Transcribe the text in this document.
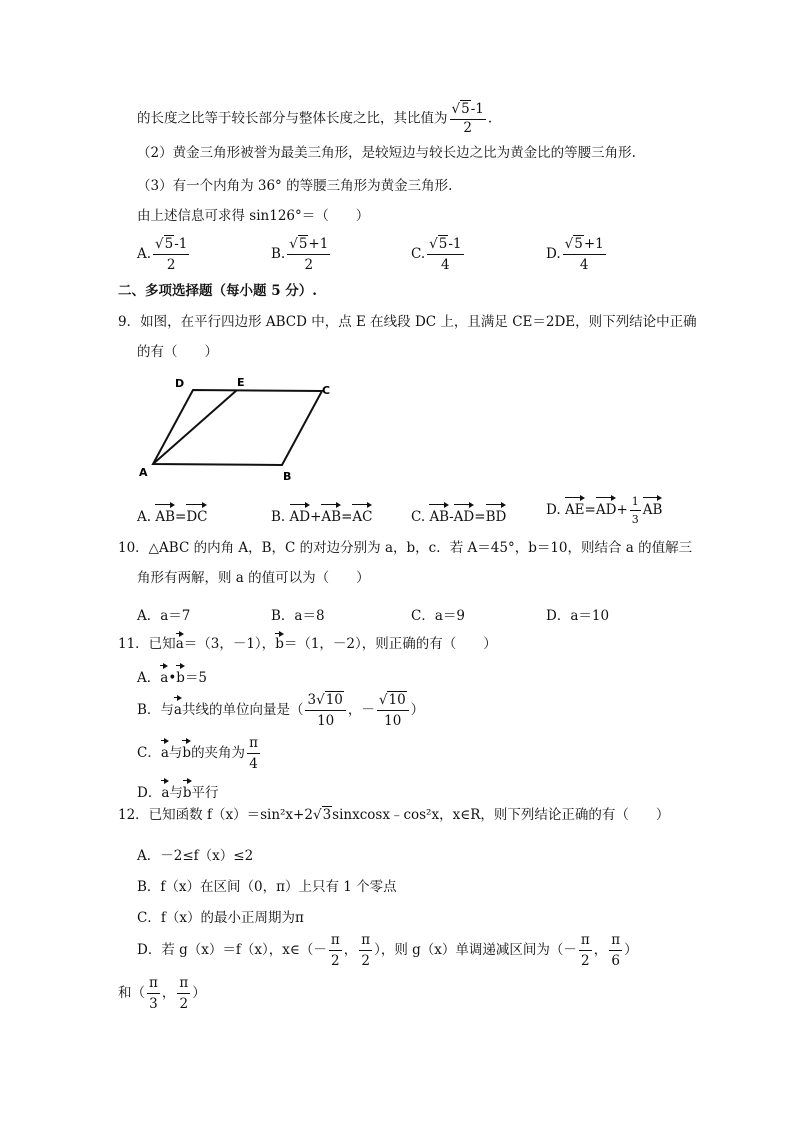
的长度之比等于较长部分与整体长度之比，其比值为 $\frac{√5-1}{2}$ .
（2）黄金三角形被誉为最美三角形，是较短边与较长边之比为黄金比的等腰三角形.
（3）有一个内角为 36° 的等腰三角形为黄金三角形.
由上述信息可求得 sin126°＝（　　）
A. $\frac{√5-1}{2}$	B. $\frac{√5+1}{2}$	C. $\frac{√5-1}{4}$	D. $\frac{√5+1}{4}$
二、多项选择题（每小题 5 分）.
9．如图，在平行四边形 ABCD 中，点 E 在线段 DC 上，且满足 CE＝2DE，则下列结论中正确
的有（　　）
D	E
C
A	B
A. AB=DC	B. AD+AB=AC	C. AB-AD=BD	D. $AE=AD+ \frac{1}{3}$ AB
10．△ABC 的内角 A，B，C 的对边分别为 a，b，c．若 A＝45°，b＝10，则结合 a 的值解三
角形有两解，则 a 的值可以为（　　）
A．a＝7	B．a＝8	C．a＝9	D．a＝10
11．已知a＝（3，－1），b＝（1，－2），则正确的有（　　）
A．a•b＝5
B．与a共线的单位向量是（ $\frac{3√10}{10}$ ，－ $\frac{√10}{10}$ ）
C．a与b的夹角为 $\frac{\pi}{4}$
D．a与b平行
12．已知函数 f（x）＝sin²x+2√3sinxcosx﹣cos²x，x∈R，则下列结论正确的有（　　）
A．－2≤f（x）≤2
B．f（x）在区间（0，π）上只有 1 个零点
C．f（x）的最小正周期为π
D．若 g（x）＝f（x），x∈（－ $\frac{\pi}{2}$ ， $\frac{\pi}{2}$ ），则 g（x）单调递减区间为（－ $\frac{\pi}{2}$ ， $\frac{\pi}{6}$ ）
和（ $\frac{\pi}{3}$ ， $\frac{\pi}{2}$ ）
